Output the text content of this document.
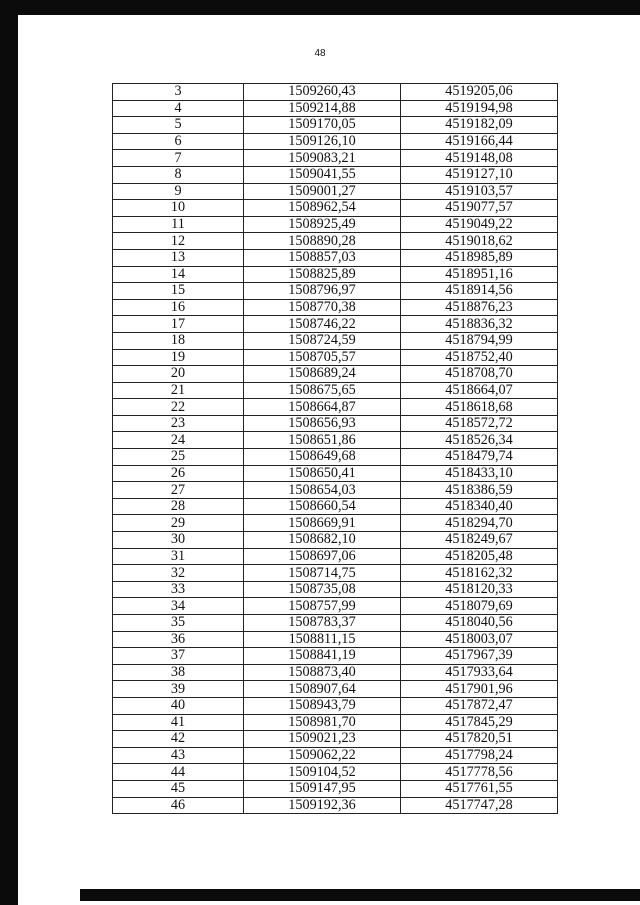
48
3	1509260,43	4519205,06
4	1509214,88	4519194,98
5	1509170,05	4519182,09
6	1509126,10	4519166,44
7	1509083,21	4519148,08
8	1509041,55	4519127,10
9	1509001,27	4519103,57
10	1508962,54	4519077,57
11	1508925,49	4519049,22
12	1508890,28	4519018,62
13	1508857,03	4518985,89
14	1508825,89	4518951,16
15	1508796,97	4518914,56
16	1508770,38	4518876,23
17	1508746,22	4518836,32
18	1508724,59	4518794,99
19	1508705,57	4518752,40
20	1508689,24	4518708,70
21	1508675,65	4518664,07
22	1508664,87	4518618,68
23	1508656,93	4518572,72
24	1508651,86	4518526,34
25	1508649,68	4518479,74
26	1508650,41	4518433,10
27	1508654,03	4518386,59
28	1508660,54	4518340,40
29	1508669,91	4518294,70
30	1508682,10	4518249,67
31	1508697,06	4518205,48
32	1508714,75	4518162,32
33	1508735,08	4518120,33
34	1508757,99	4518079,69
35	1508783,37	4518040,56
36	1508811,15	4518003,07
37	1508841,19	4517967,39
38	1508873,40	4517933,64
39	1508907,64	4517901,96
40	1508943,79	4517872,47
41	1508981,70	4517845,29
42	1509021,23	4517820,51
43	1509062,22	4517798,24
44	1509104,52	4517778,56
45	1509147,95	4517761,55
46	1509192,36	4517747,28
